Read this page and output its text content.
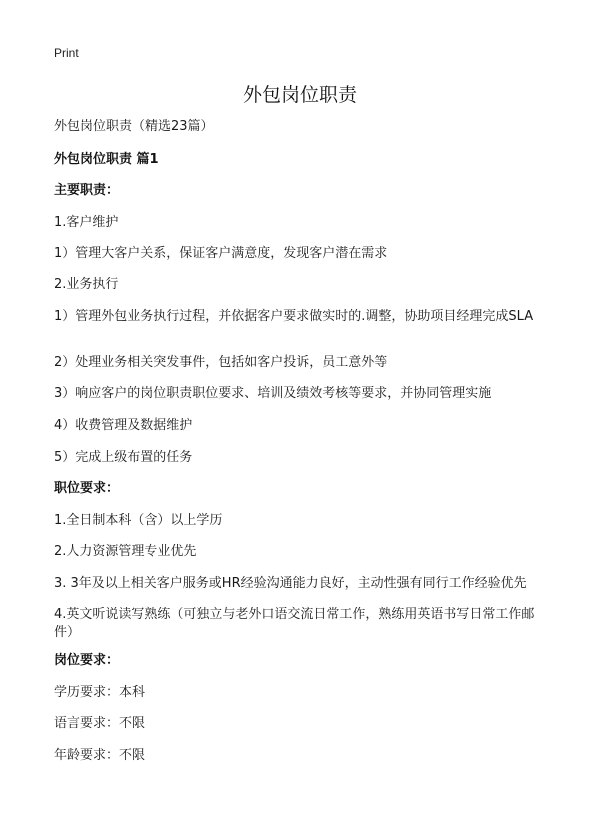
Print
外包岗位职责

外包岗位职责（精选23篇）

外包岗位职责 篇1

主要职责：

1.客户维护

1）管理大客户关系，保证客户满意度，发现客户潜在需求

2.业务执行

1）管理外包业务执行过程，并依据客户要求做实时的.调整，协助项目经理完成SLA

2）处理业务相关突发事件，包括如客户投诉，员工意外等

3）响应客户的岗位职责职位要求、培训及绩效考核等要求，并协同管理实施

4）收费管理及数据维护

5）完成上级布置的任务

职位要求：

1.全日制本科（含）以上学历

2.人力资源管理专业优先

3. 3年及以上相关客户服务或HR经验沟通能力良好，主动性强有同行工作经验优先

4.英文听说读写熟练（可独立与老外口语交流日常工作，熟练用英语书写日常工作邮件）

岗位要求：

学历要求：本科

语言要求：不限

年龄要求：不限
